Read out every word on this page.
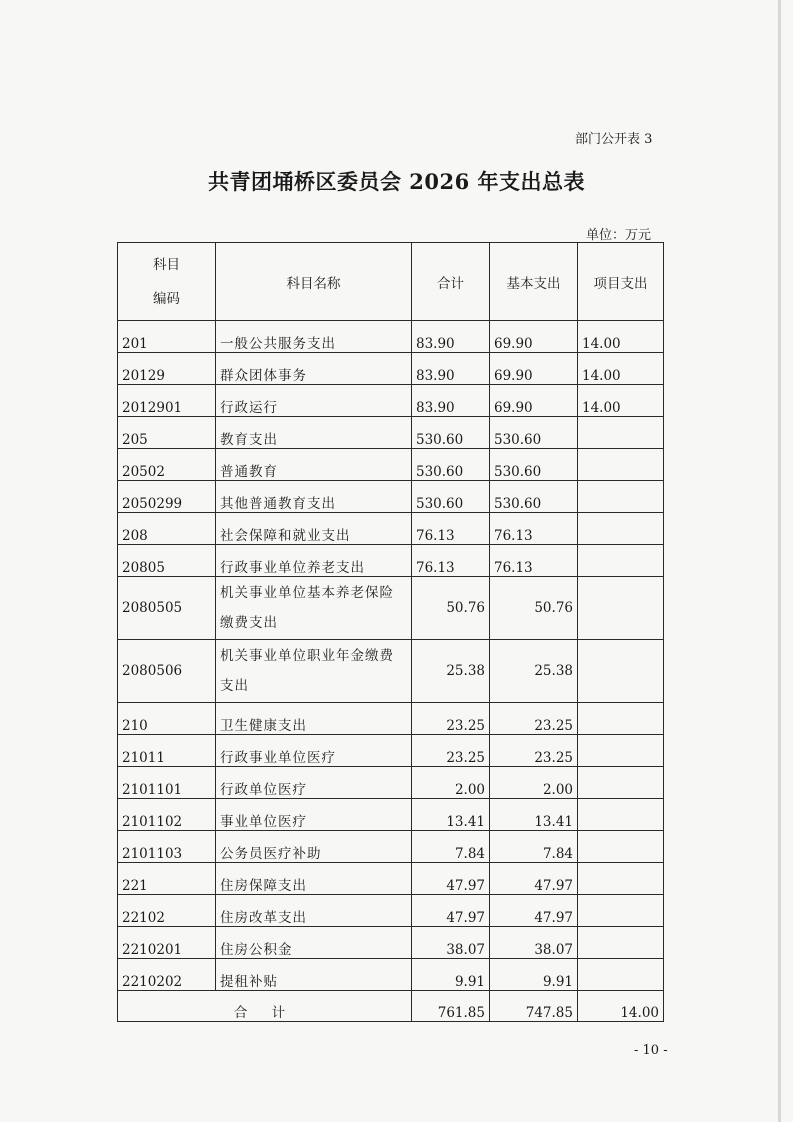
部门公开表 3
共青团埇桥区委员会 2026 年支出总表
单位：万元
科目
编码	科目名称	合计	基本支出	项目支出
201	一般公共服务支出	83.90	69.90	14.00
20129	群众团体事务	83.90	69.90	14.00
2012901	行政运行	83.90	69.90	14.00
205	教育支出	530.60	530.60	
20502	普通教育	530.60	530.60	
2050299	其他普通教育支出	530.60	530.60	
208	社会保障和就业支出	76.13	76.13	
20805	行政事业单位养老支出	76.13	76.13	
2080505	机关事业单位基本养老保险缴费支出	50.76	50.76	
2080506	机关事业单位职业年金缴费支出	25.38	25.38	
210	卫生健康支出	23.25	23.25	
21011	行政事业单位医疗	23.25	23.25	
2101101	行政单位医疗	2.00	2.00	
2101102	事业单位医疗	13.41	13.41	
2101103	公务员医疗补助	7.84	7.84	
221	住房保障支出	47.97	47.97	
22102	住房改革支出	47.97	47.97	
2210201	住房公积金	38.07	38.07	
2210202	提租补贴	9.91	9.91	
合 计		761.85	747.85	14.00
- 10 -
